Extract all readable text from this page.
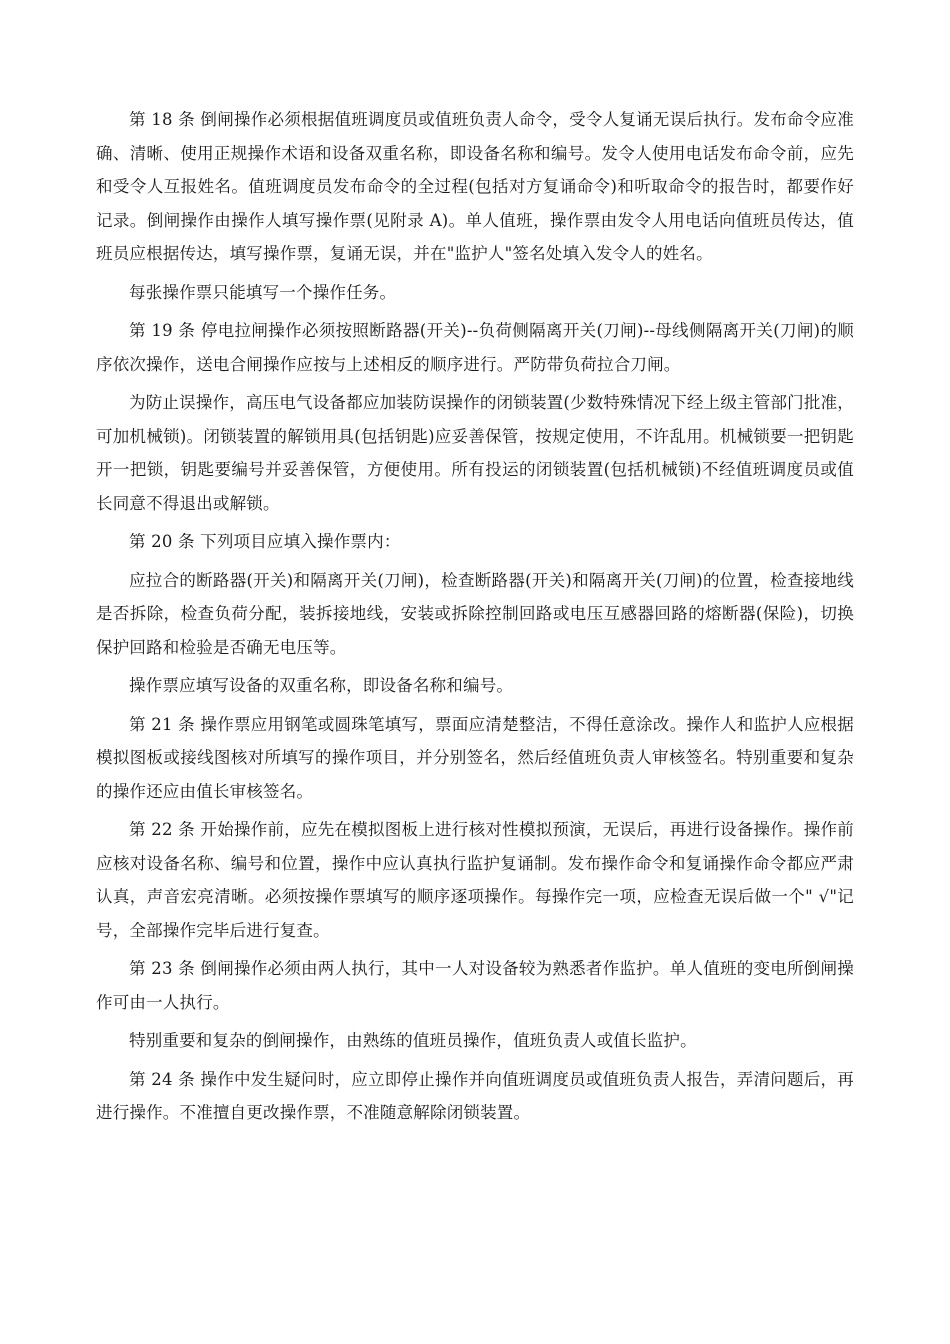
第 18 条 倒闸操作必须根据值班调度员或值班负责人命令，受令人复诵无误后执行。发布命令应准确、清晰、使用正规操作术语和设备双重名称，即设备名称和编号。发令人使用电话发布命令前，应先和受令人互报姓名。值班调度员发布命令的全过程(包括对方复诵命令)和听取命令的报告时，都要作好记录。倒闸操作由操作人填写操作票(见附录 A)。单人值班，操作票由发令人用电话向值班员传达，值班员应根据传达，填写操作票，复诵无误，并在"监护人"签名处填入发令人的姓名。

每张操作票只能填写一个操作任务。

第 19 条 停电拉闸操作必须按照断路器(开关)--负荷侧隔离开关(刀闸)--母线侧隔离开关(刀闸)的顺序依次操作，送电合闸操作应按与上述相反的顺序进行。严防带负荷拉合刀闸。

为防止误操作，高压电气设备都应加装防误操作的闭锁装置(少数特殊情况下经上级主管部门批准，可加机械锁)。闭锁装置的解锁用具(包括钥匙)应妥善保管，按规定使用，不许乱用。机械锁要一把钥匙开一把锁，钥匙要编号并妥善保管，方便使用。所有投运的闭锁装置(包括机械锁)不经值班调度员或值长同意不得退出或解锁。

第 20 条 下列项目应填入操作票内：

应拉合的断路器(开关)和隔离开关(刀闸)，检查断路器(开关)和隔离开关(刀闸)的位置，检查接地线是否拆除，检查负荷分配，装拆接地线，安装或拆除控制回路或电压互感器回路的熔断器(保险)，切换保护回路和检验是否确无电压等。

操作票应填写设备的双重名称，即设备名称和编号。

第 21 条 操作票应用钢笔或圆珠笔填写，票面应清楚整洁，不得任意涂改。操作人和监护人应根据模拟图板或接线图核对所填写的操作项目，并分别签名，然后经值班负责人审核签名。特别重要和复杂的操作还应由值长审核签名。

第 22 条 开始操作前，应先在模拟图板上进行核对性模拟预演，无误后，再进行设备操作。操作前应核对设备名称、编号和位置，操作中应认真执行监护复诵制。发布操作命令和复诵操作命令都应严肃认真，声音宏亮清晰。必须按操作票填写的顺序逐项操作。每操作完一项，应检查无误后做一个" √"记号，全部操作完毕后进行复查。

第 23 条 倒闸操作必须由两人执行，其中一人对设备较为熟悉者作监护。单人值班的变电所倒闸操作可由一人执行。

特别重要和复杂的倒闸操作，由熟练的值班员操作，值班负责人或值长监护。

第 24 条 操作中发生疑问时，应立即停止操作并向值班调度员或值班负责人报告，弄清问题后，再进行操作。不准擅自更改操作票，不准随意解除闭锁装置。
